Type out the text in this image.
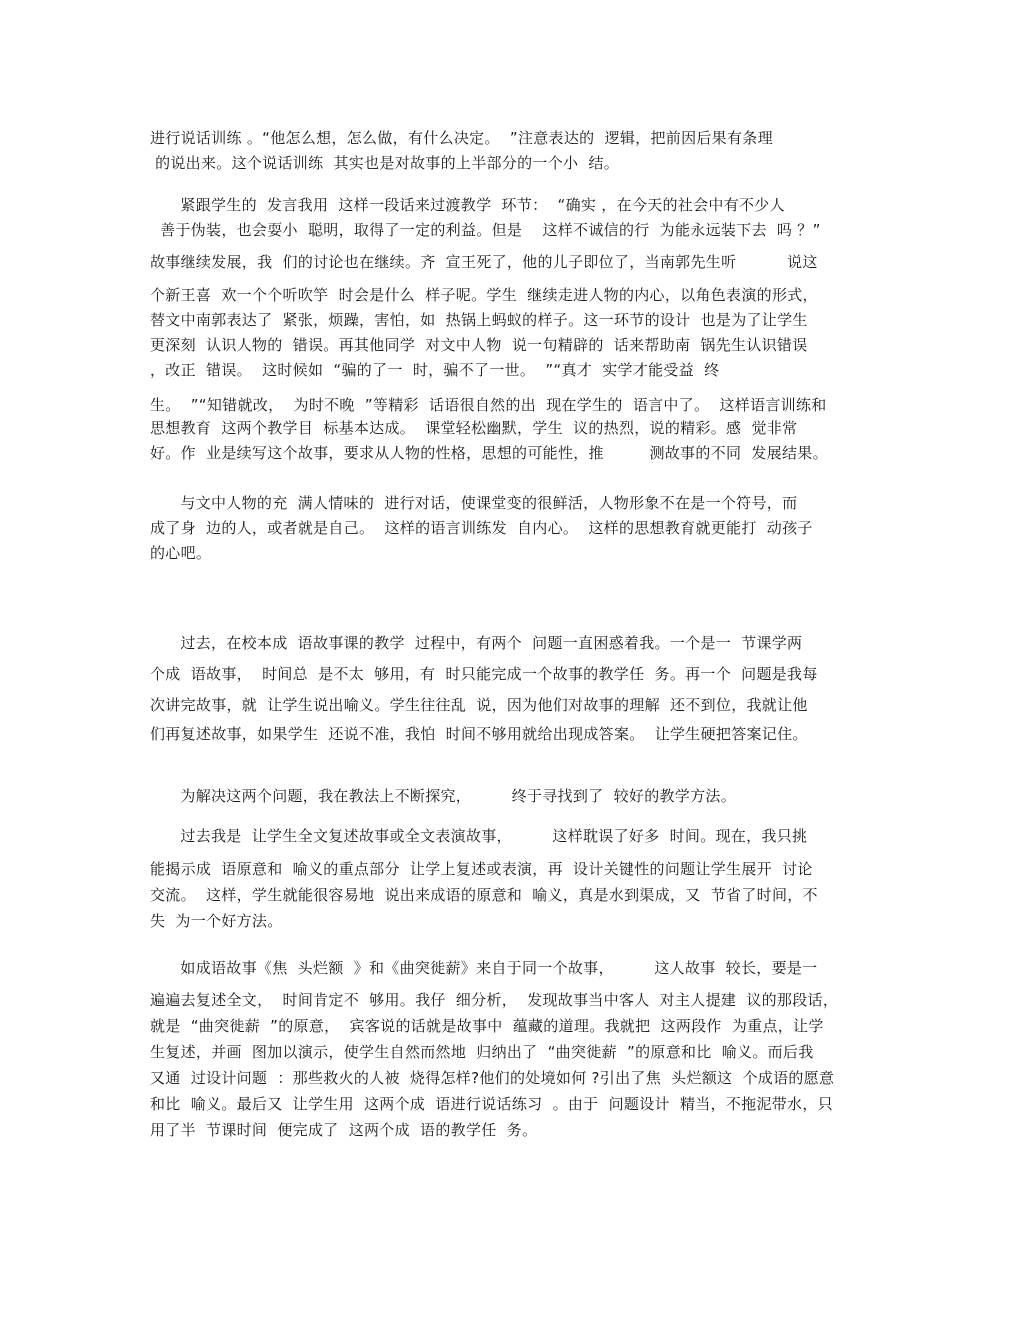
进行说话训练 。“他怎么想，怎么做，有什么决定。  ”注意表达的  逻辑，把前因后果有条理
的说出来。这个说话训练  其实也是对故事的上半部分的一个小  结。
紧跟学生的  发言我用  这样一段话来过渡教学  环节：  “确实 ，在今天的社会中有不少人
善于伪装，也会耍小  聪明，取得了一定的利益。但是    这样不诚信的行  为能永远装下去  吗 ？”
故事继续发展，我  们的讨论也在继续。齐  宣王死了，他的儿子即位了，当南郭先生听          说这
个新王喜  欢一个个听吹竽  时会是什么  样子呢。学生  继续走进人物的内心，以角色表演的形式，
替文中南郭表达了  紧张，烦躁，害怕，如  热锅上蚂蚁的样子。这一环节的设计  也是为了让学生
更深刻  认识人物的  错误。再其他同学  对文中人物  说一句精辟的  话来帮助南  锅先生认识错误
，改正  错误。  这时候如  “骗的了一  时，骗不了一世。  ”“真才  实学才能受益  终
生。  ”“知错就改，  为时不晚  ”等精彩  话语很自然的出  现在学生的  语言中了。  这样语言训练和
思想教育  这两个教学目  标基本达成。  课堂轻松幽默，学生  议的热烈，说的精彩。感  觉非常
好。作  业是续写这个故事，要求从人物的性格，思想的可能性，推         测故事的不同  发展结果。
与文中人物的充  满人情味的  进行对话，使课堂变的很鲜活，人物形象不在是一个符号，而
成了身  边的人，或者就是自己。  这样的语言训练发  自内心。  这样的思想教育就更能打  动孩子
的心吧。
过去，在校本成  语故事课的教学  过程中，有两个  问题一直困惑着我。一个是一  节课学两
个成  语故事，  时间总  是不太  够用，有  时只能完成一个故事的教学任  务。再一个  问题是我每
次讲完故事，就  让学生说出喻义。学生往往乱  说，因为他们对故事的理解  还不到位，我就让他
们再复述故事，如果学生  还说不准，我怕  时间不够用就给出现成答案。  让学生硬把答案记住。
为解决这两个问题，我在教法上不断探究，        终于寻找到了  较好的教学方法。
过去我是  让学生全文复述故事或全文表演故事，        这样耽误了好多  时间。现在，我只挑
能揭示成  语原意和  喻义的重点部分  让学上复述或表演，再  设计关键性的问题让学生展开  讨论
交流。  这样，学生就能很容易地  说出来成语的原意和  喻义，真是水到渠成，又  节省了时间，不
失  为一个好方法。
如成语故事《焦  头烂额  》和《曲突徙薪》来自于同一个故事，        这人故事  较长，要是一
遍遍去复述全文，  时间肯定不  够用。我仔  细分析，  发现故事当中客人  对主人提建  议的那段话，
就是  “曲突徙薪  ”的原意，  宾客说的话就是故事中  蕴藏的道理。我就把  这两段作  为重点，让学
生复述，并画  图加以演示，使学生自然而然地  归纳出了  “曲突徙薪  ”的原意和比  喻义。而后我
又通  过设计问题  ：那些救火的人被  烧得怎样?他们的处境如何 ?引出了焦  头烂额这  个成语的愿意
和比  喻义。最后又  让学生用  这两个成  语进行说话练习  。由于  问题设计  精当，不拖泥带水，只
用了半  节课时间  便完成了  这两个成  语的教学任  务。
